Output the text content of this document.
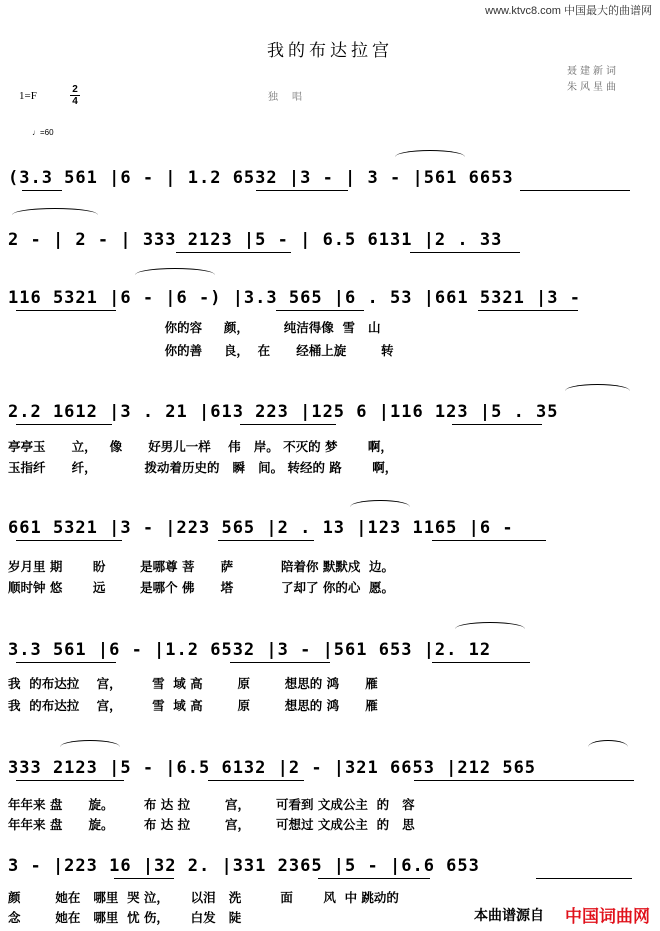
www.ktvc8.com 中国最大的曲谱网
我的布达拉宫
聂建新词
朱风星曲
1=F
2
4	独唱
♩=60
(3.3 561 |6 - | 1.2 6532 |3 - | 3 - |561 6653
2 - | 2 - | 333 2123 |5 - | 6.5 6131 |2 . 33
116 5321 |6 - |6 -) |3.3 565 |6 . 53 |661 5321 |3 -
你的容     颜，        纯洁得像  雪   山
你的善     良，  在      经桶上旋        转
2.2 1612 |3 . 21 |613 223 |125 6 |116 123 |5 . 35
亭亭玉      立，   像      好男儿一样    伟   岸。 不灭的 梦       啊，
玉指纤      纤，           拨动着历史的   瞬   间。 转经的 路       啊，
661 5321 |3 - |223 565 |2 . 13 |123 1165 |6 -
岁月里 期       盼        是哪尊 菩      萨           陪着你 默默戍  边。
顺时钟 悠       远        是哪个 佛      塔           了却了 你的心  愿。
3.3 561 |6 - |1.2 6532 |3 - |561 653 |2. 12
我  的布达拉    宫，       雪  域 高        原        想思的 鸿      雁
我  的布达拉    宫，       雪  域 高        原        想思的 鸿      雁
333 2123 |5 - |6.5 6132 |2 - |321 6653 |212 565
年年来 盘      旋。       布 达 拉        宫，      可看到 文成公主  的   容
年年来 盘      旋。       布 达 拉        宫，      可想过 文成公主  的   思
3 - |223 16 |32 2. |331 2365 |5 - |6.6 653
颜        她在   哪里  哭 泣，     以泪   洗         面       风  中 跳动的
念        她在   哪里  忧 伤，     白发   陡	本曲谱源自 中国词曲网
